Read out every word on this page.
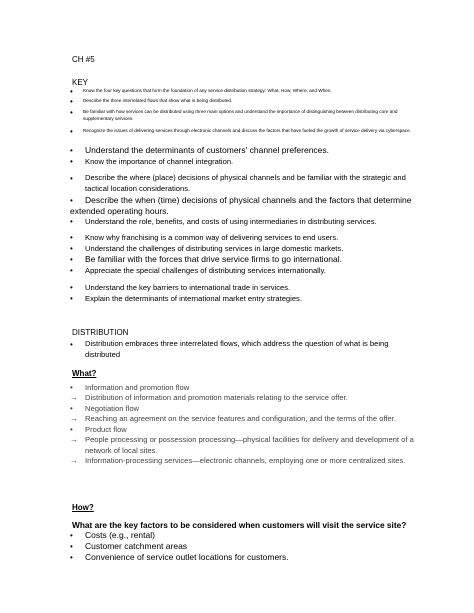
CH #5
KEY
• Know the four key questions that form the foundation of any service distribution strategy: What, How, Where, and When.
• Describe the three interrelated flows that show what is being distributed.
• Be familiar with how services can be distributed using three main options and understand the importance of distinguishing between distributing core and supplementary services.
• Recognize the issues of delivering services through electronic channels and discuss the factors that have fueled the growth of service delivery via cyberspace.
• Understand the determinants of customers' channel preferences.
• Know the importance of channel integration.
• Describe the where (place) decisions of physical channels and be familiar with the strategic and tactical location considerations.
•	Describe the when (time) decisions of physical channels and the factors that determine extended operating hours.
• Understand the role, benefits, and costs of using intermediaries in distributing services.
• Know why franchising is a common way of delivering services to end users.
• Understand the challenges of distributing services in large domestic markets.
• Be familiar with the forces that drive service firms to go international.
• Appreciate the special challenges of distributing services internationally.
• Understand the key barriers to international trade in services.
• Explain the determinants of international market entry strategies.
DISTRIBUTION
• Distribution embraces three interrelated flows, which address the question of what is being distributed
What?
• Information and promotion flow
→ Distribution of information and promotion materials relating to the service offer.
• Negotiation flow
→ Reaching an agreement on the service features and configuration, and the terms of the offer.
• Product flow
→ People processing or possession processing—physical facilities for delivery and development of a network of local sites.
→ Information-processing services—electronic channels, employing one or more centralized sites.
How?
What are the key factors to be considered when customers will visit the service site?
• Costs (e.g., rental)
• Customer catchment areas
• Convenience of service outlet locations for customers.
